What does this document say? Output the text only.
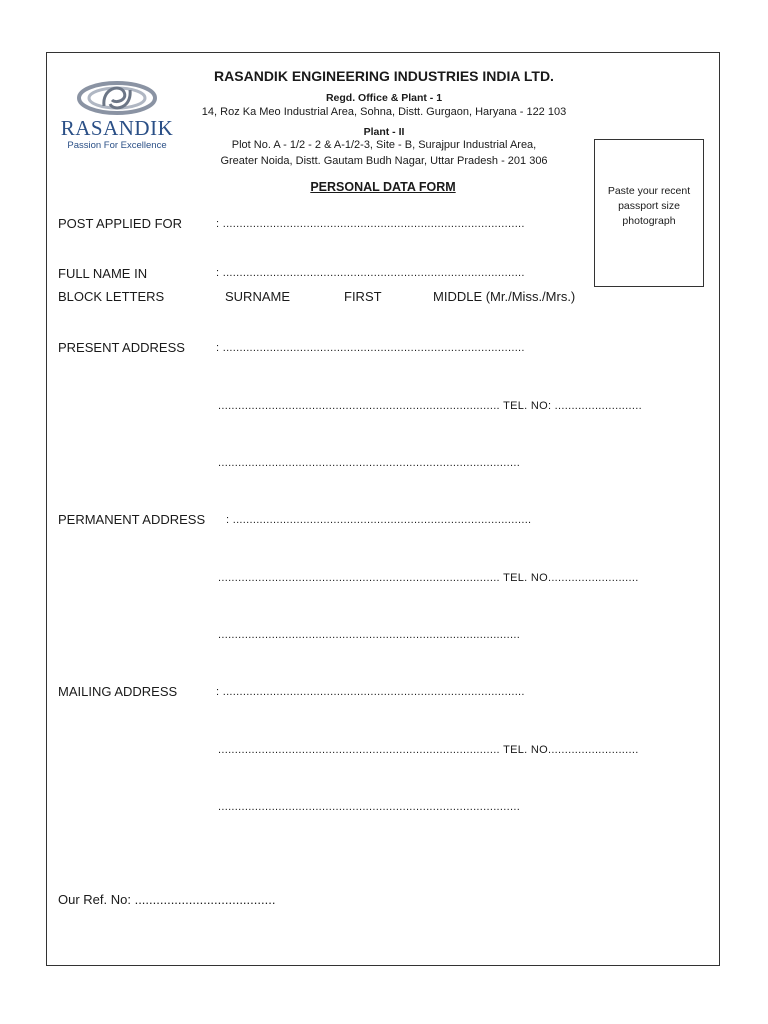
RASANDIK
Passion For Excellence
RASANDIK ENGINEERING INDUSTRIES INDIA LTD.
Regd. Office & Plant - 1
14, Roz Ka Meo Industrial Area, Sohna, Distt. Gurgaon, Haryana - 122 103
Plant - II
Plot No. A - 1/2 - 2 & A-1/2-3, Site - B, Surajpur Industrial Area,
Greater Noida, Distt. Gautam Budh Nagar, Uttar Pradesh - 201 306
PERSONAL DATA FORM	Paste your recent passport size photograph
POST APPLIED FOR	: ..........................................................................................
FULL NAME IN	: ..........................................................................................
BLOCK LETTERS	SURNAME	FIRST	MIDDLE (Mr./Miss./Mrs.)
PRESENT ADDRESS	: ..........................................................................................
.................................................................................... TEL. NO: ..........................
..........................................................................................
PERMANENT ADDRESS : .........................................................................................
.................................................................................... TEL. NO...........................
..........................................................................................
MAILING ADDRESS	: ..........................................................................................
.................................................................................... TEL. NO...........................
..........................................................................................
Our Ref. No: .......................................
